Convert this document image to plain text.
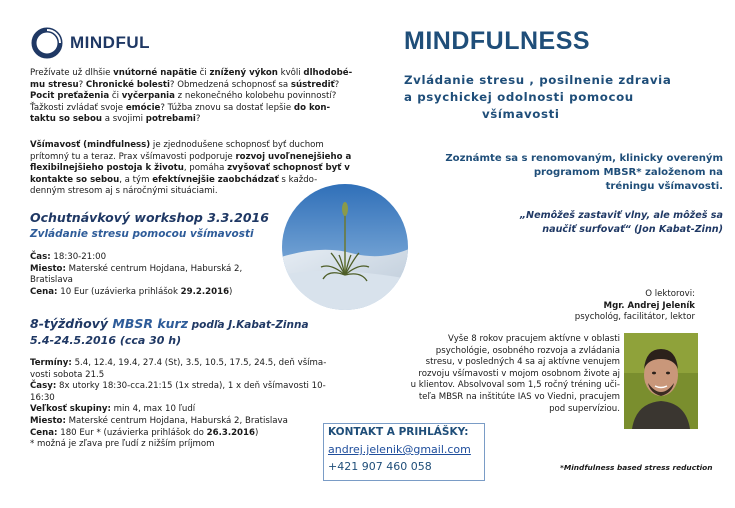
MINDFUL	MINDFULNESS
Zvládanie stresu , posilnenie zdravia
a psychickej odolnosti pomocou
všímavosti
Prežívate už dlhšie vnútorné napätie či znížený výkon kvôli dlhodobé-
mu stresu? Chronické bolesti? Obmedzená schopnosť sa sústrediť?
Pocit preťaženia či vyčerpania z nekonečného kolobehu povinností?
Ťažkosti zvládať svoje emócie? Túžba znovu sa dostať lepšie do kon-
taktu so sebou a svojimi potrebami?
Všímavosť (mindfulness) je zjednodušene schopnosť byť duchom
prítomný tu a teraz. Prax všímavosti podporuje rozvoj uvoľnenejšieho a
flexibilnejšieho postoja k životu, pomáha zvyšovať schopnosť byť v
kontakte so sebou, a tým efektívnejšie zaobchádzať s každo-
denným stresom aj s náročnými situáciami.
Ochutnávkový workshop 3.3.2016
Zvládanie stresu pomocou všímavosti
Čas: 18:30-21:00
Miesto: Materské centrum Hojdana, Haburská 2,
Bratislava
Cena: 10 Eur (uzávierka prihlášok 29.2.2016)
8-týždňový MBSR kurz podľa J.Kabat-Zinna
5.4-24.5.2016 (cca 30 h)
Termíny: 5.4, 12.4, 19.4, 27.4 (St), 3.5, 10.5, 17.5, 24.5, deň všíma-
vosti sobota 21.5
Časy: 8x utorky 18:30-cca.21:15 (1x streda), 1 x deň všímavosti 10-
16:30
Veľkosť skupiny: min 4, max 10 ľudí
Miesto: Materské centrum Hojdana, Haburská 2, Bratislava
Cena: 180 Eur * (uzávierka prihlášok do 26.3.2016)
* možná je zľava pre ľudí z nižším príjmom
KONTAKT A PRIHLÁŠKY:
andrej.jelenik@gmail.com
+421 907 460 058
Zoznámte sa s renomovaným, klinicky overeným
programom MBSR* založenom na
tréningu všímavosti.
„Nemôžeš zastaviť vlny, ale môžeš sa
naučiť surfovať“ (Jon Kabat-Zinn)
O lektorovi:
Mgr. Andrej Jeleník
psychológ, facilitátor, lektor
Vyše 8 rokov pracujem aktívne v oblasti
psychológie, osobného rozvoja a zvládania
stresu, v posledných 4 sa aj aktívne venujem
rozvoju všímavosti v mojom osobnom živote aj
u klientov. Absolvoval som 1,5 ročný tréning uči-
teľa MBSR na inštitúte IAS vo Viedni, pracujem
pod supervíziou.
*Mindfulness based stress reduction
